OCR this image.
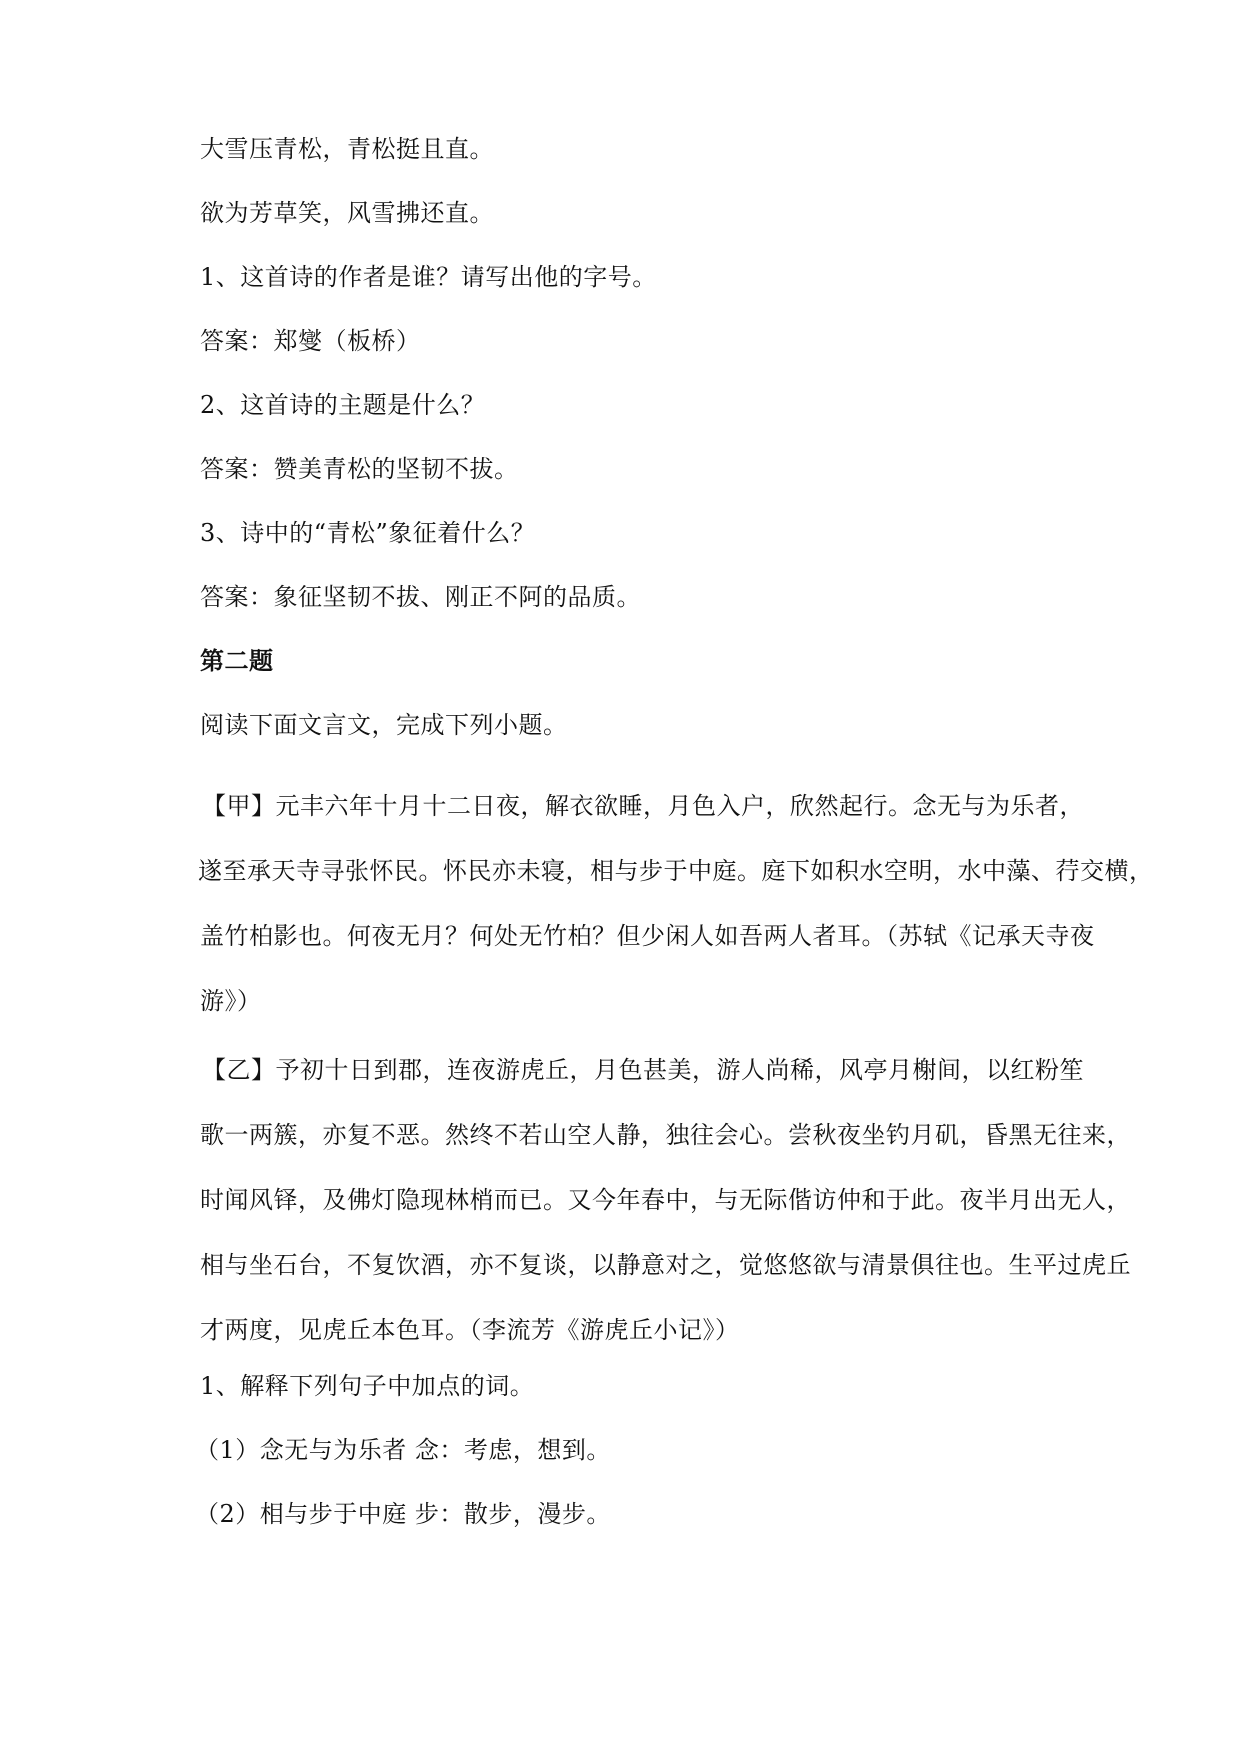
大雪压青松，青松挺且直。
欲为芳草笑，风雪拂还直。
1、这首诗的作者是谁？请写出他的字号。
答案：郑燮（板桥）
2、这首诗的主题是什么？
答案：赞美青松的坚韧不拔。
3、诗中的“青松”象征着什么？
答案：象征坚韧不拔、刚正不阿的品质。
第二题
阅读下面文言文，完成下列小题。
【甲】元丰六年十月十二日夜，解衣欲睡，月色入户，欣然起行。念无与为乐者，
遂至承天寺寻张怀民。怀民亦未寝，相与步于中庭。庭下如积水空明，水中藻、荇交横，
盖竹柏影也。何夜无月？何处无竹柏？但少闲人如吾两人者耳。（苏轼《记承天寺夜
游》）
【乙】予初十日到郡，连夜游虎丘，月色甚美，游人尚稀，风亭月榭间，以红粉笙
歌一两簇，亦复不恶。然终不若山空人静，独往会心。尝秋夜坐钓月矶，昏黑无往来，
时闻风铎，及佛灯隐现林梢而已。又今年春中，与无际偕访仲和于此。夜半月出无人，
相与坐石台，不复饮酒，亦不复谈，以静意对之，觉悠悠欲与清景俱往也。生平过虎丘
才两度，见虎丘本色耳。（李流芳《游虎丘小记》）
1、解释下列句子中加点的词。
（1）念无与为乐者 念：考虑，想到。
（2）相与步于中庭 步：散步，漫步。
